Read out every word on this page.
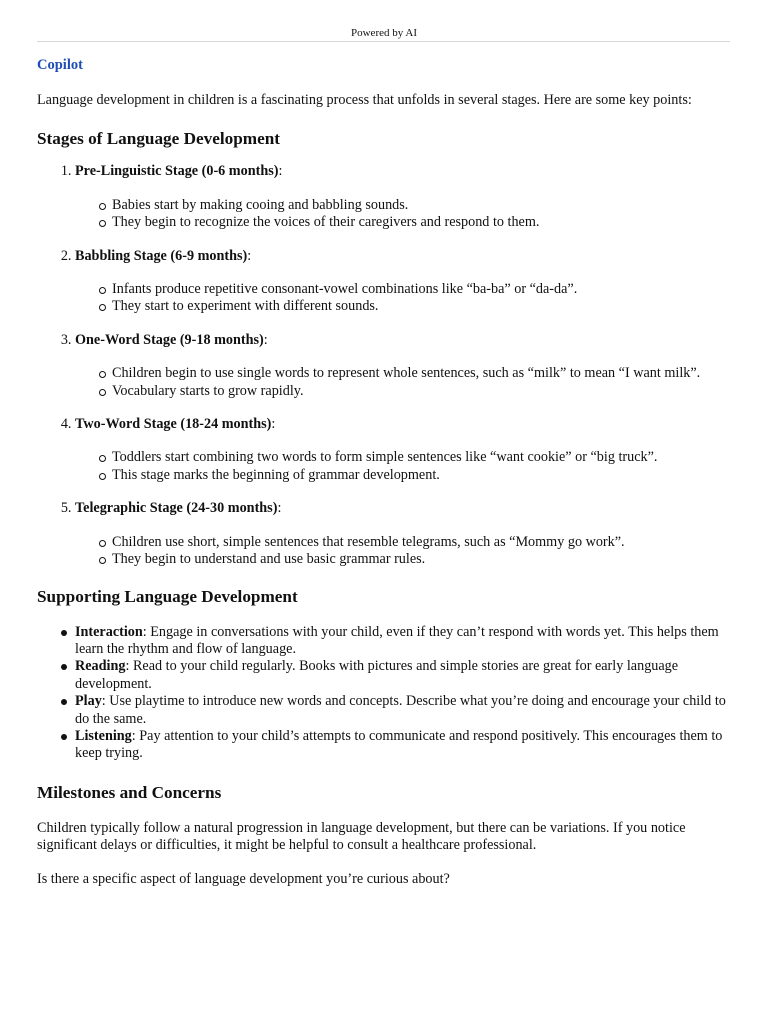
Powered by AI

Copilot

Language development in children is a fascinating process that unfolds in several stages. Here are some key points:

Stages of Language Development
1. Pre-Linguistic Stage (0-6 months):
Babies start by making cooing and babbling sounds.
They begin to recognize the voices of their caregivers and respond to them.
2. Babbling Stage (6-9 months):
Infants produce repetitive consonant-vowel combinations like “ba-ba” or “da-da”.
They start to experiment with different sounds.
3. One-Word Stage (9-18 months):
Children begin to use single words to represent whole sentences, such as “milk” to mean “I want milk”.
Vocabulary starts to grow rapidly.
4. Two-Word Stage (18-24 months):
Toddlers start combining two words to form simple sentences like “want cookie” or “big truck”.
This stage marks the beginning of grammar development.
5. Telegraphic Stage (24-30 months):
Children use short, simple sentences that resemble telegrams, such as “Mommy go work”.
They begin to understand and use basic grammar rules.
Supporting Language Development
Interaction: Engage in conversations with your child, even if they can’t respond with words yet. This helps them learn the rhythm and flow of language.
Reading: Read to your child regularly. Books with pictures and simple stories are great for early language development.
Play: Use playtime to introduce new words and concepts. Describe what you’re doing and encourage your child to do the same.
Listening: Pay attention to your child’s attempts to communicate and respond positively. This encourages them to keep trying.
Milestones and Concerns

Children typically follow a natural progression in language development, but there can be variations. If you notice significant delays or difficulties, it might be helpful to consult a healthcare professional.

Is there a specific aspect of language development you’re curious about?
